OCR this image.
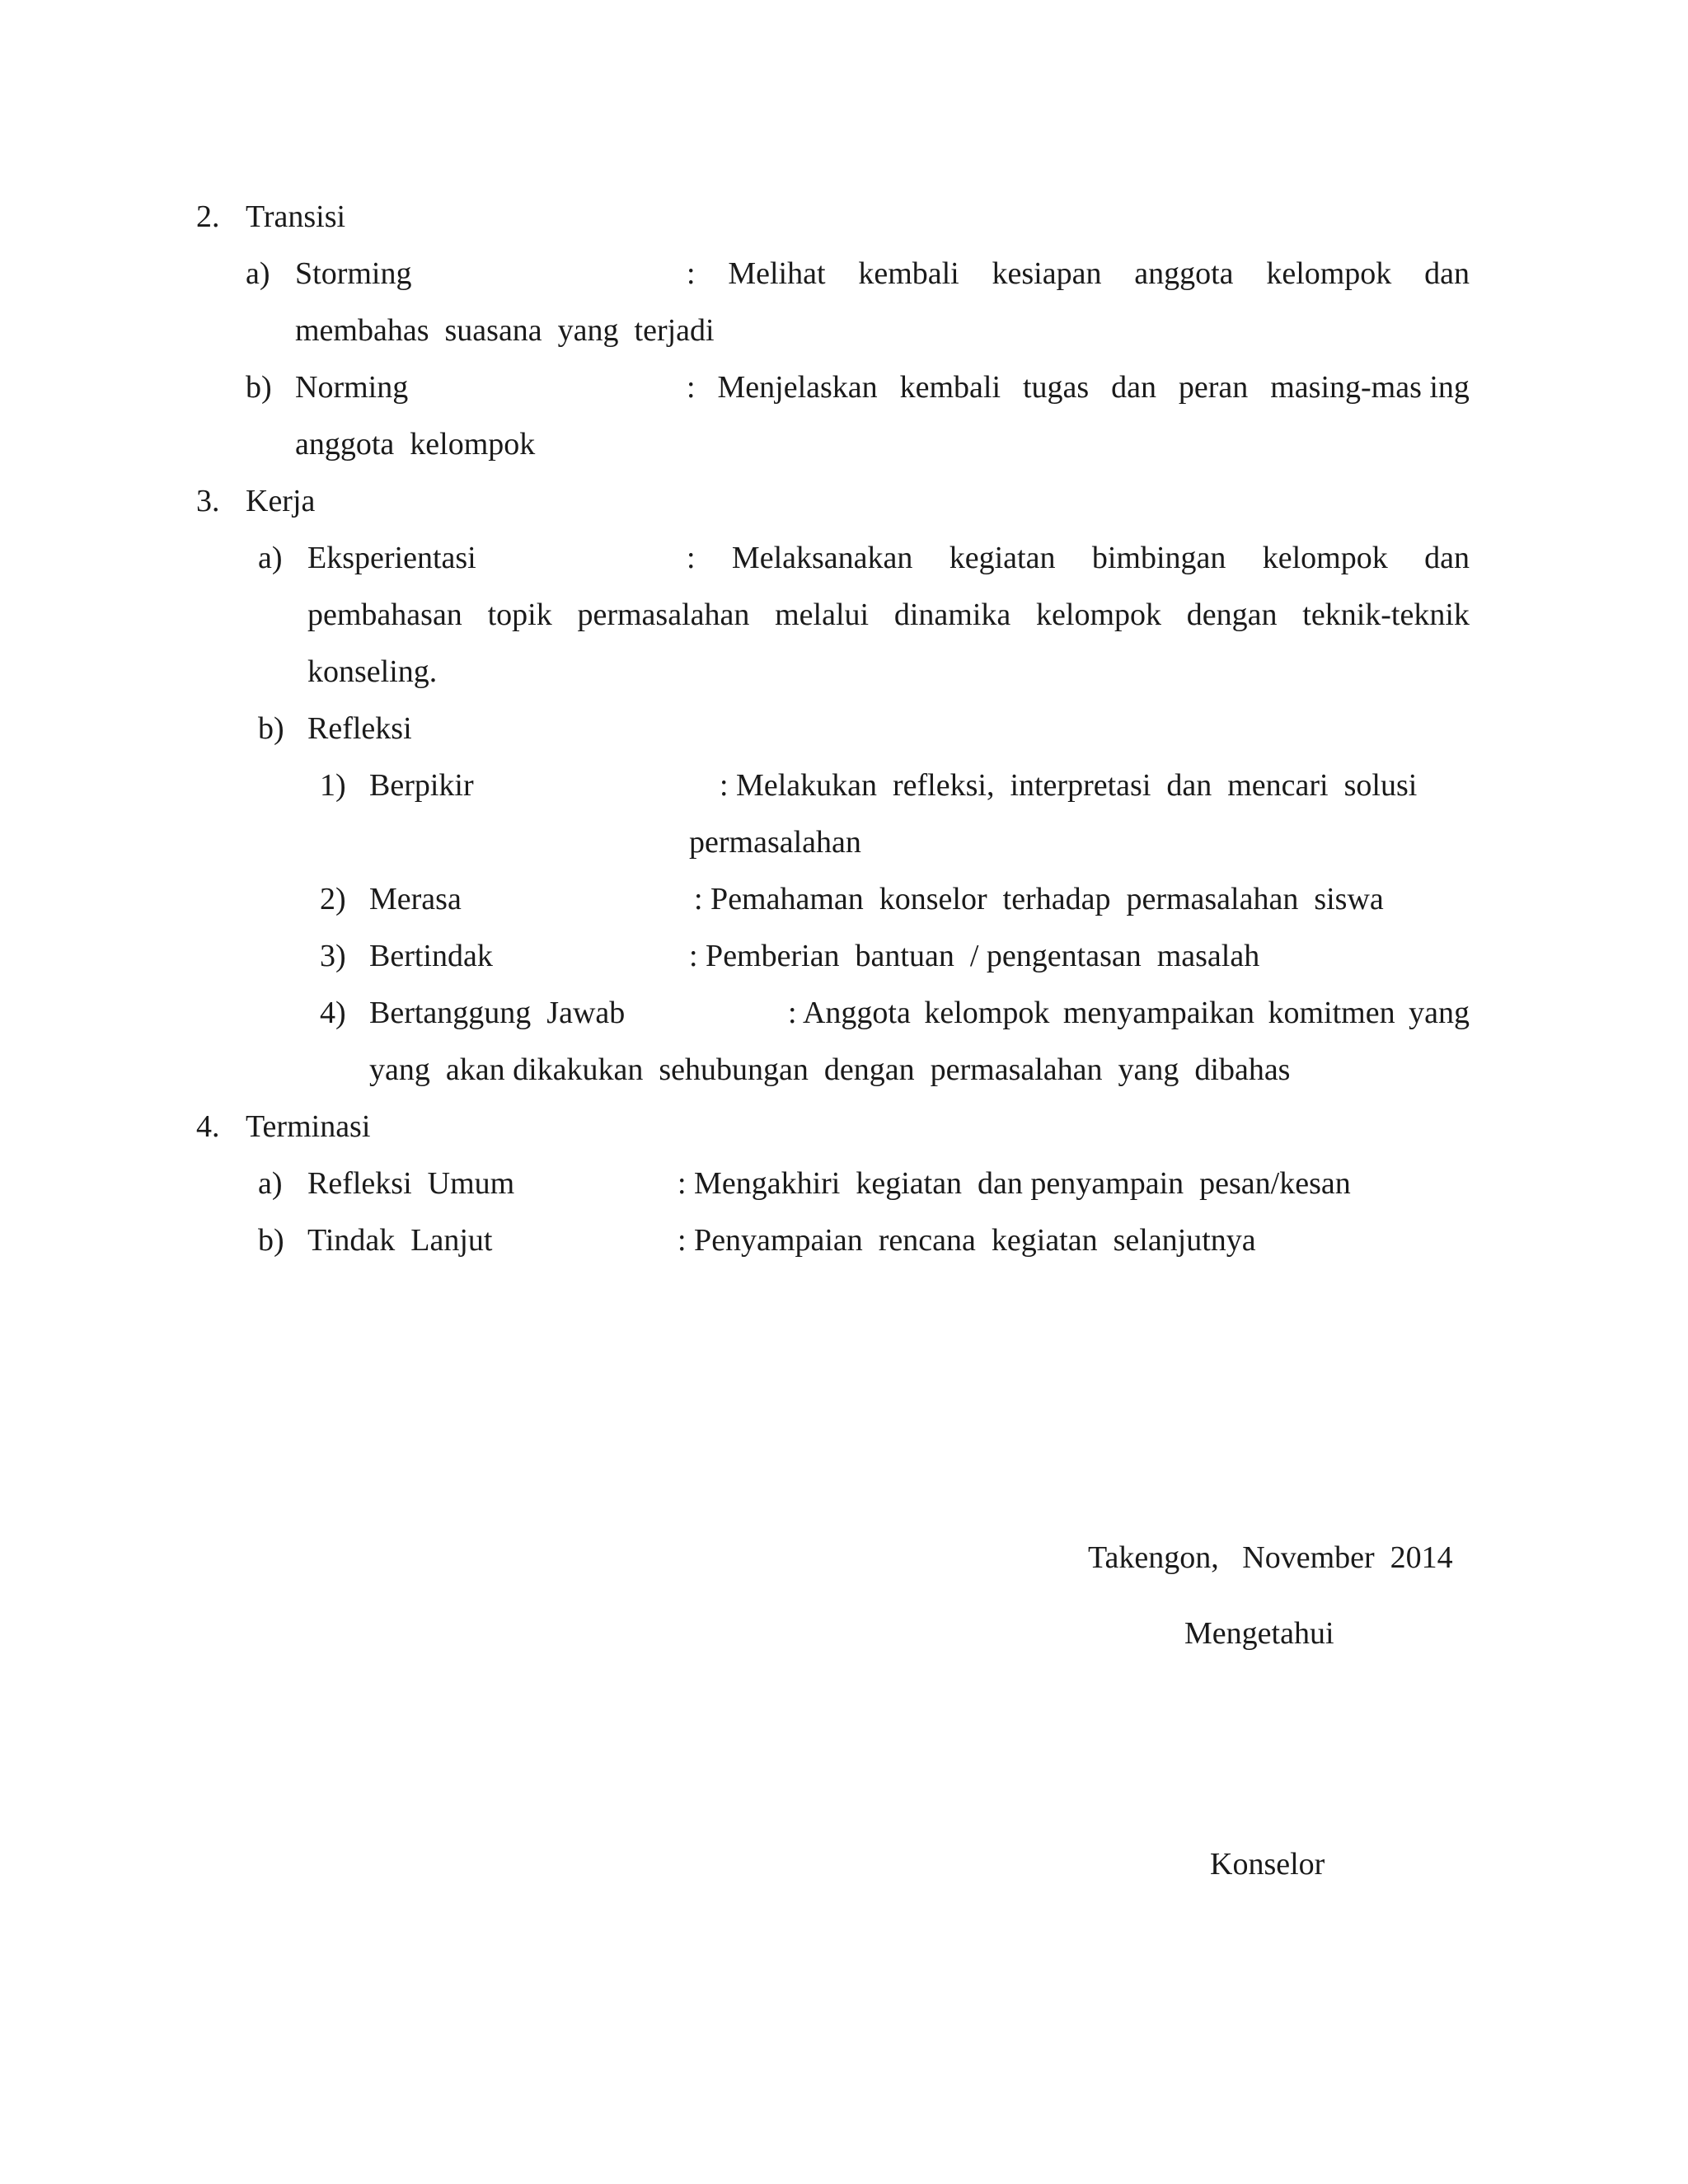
2. Transisi
a) Storming	: Melihat kembali kesiapan anggota kelompok dan
membahas  suasana  yang  terjadi
b) Norming	: Menjelaskan kembali tugas dan peran masing-mas ing
anggota  kelompok
3. Kerja
a) Eksperientasi	: Melaksanakan kegiatan bimbingan kelompok dan
pembahasan topik permasalahan melalui dinamika kelompok dengan teknik-teknik
konseling.
b) Refleksi
1) Berpikir	: Melakukan  refleksi,  interpretasi  dan  mencari  solusi
permasalahan
2) Merasa	: Pemahaman  konselor  terhadap  permasalahan  siswa
3) Bertindak	: Pemberian  bantuan  / pengentasan  masalah
4) Bertanggung  Jawab	: Anggota kelompok menyampaikan komitmen yang
yang  akan dikakukan  sehubungan  dengan  permasalahan  yang  dibahas
4. Terminasi
a) Refleksi  Umum	: Mengakhiri  kegiatan  dan penyampain  pesan/kesan
b) Tindak  Lanjut	: Penyampaian  rencana  kegiatan  selanjutnya
Takengon,   November  2014
Mengetahui
Konselor
